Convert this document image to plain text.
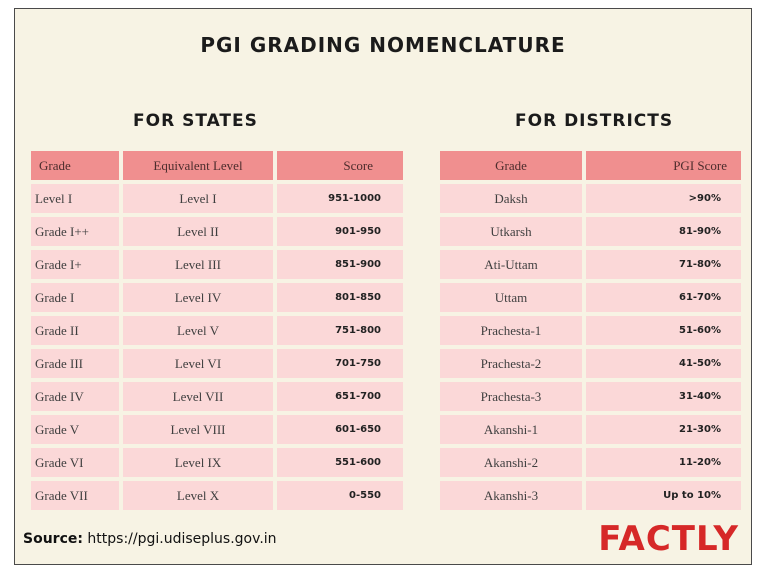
PGI GRADING NOMENCLATURE
FOR STATES	FOR DISTRICTS
Grade	Equivalent Level	Score
Level I	Level I	951-1000
Grade I++	Level II	901-950
Grade I+	Level III	851-900
Grade I	Level IV	801-850
Grade II	Level V	751-800
Grade III	Level VI	701-750
Grade IV	Level VII	651-700
Grade V	Level VIII	601-650
Grade VI	Level IX	551-600
Grade VII	Level X	0-550
Grade	PGI Score
Daksh	>90%
Utkarsh	81-90%
Ati-Uttam	71-80%
Uttam	61-70%
Prachesta-1	51-60%
Prachesta-2	41-50%
Prachesta-3	31-40%
Akanshi-1	21-30%
Akanshi-2	11-20%
Akanshi-3	Up to 10%
Source: https://pgi.udiseplus.gov.in	FACTLY
